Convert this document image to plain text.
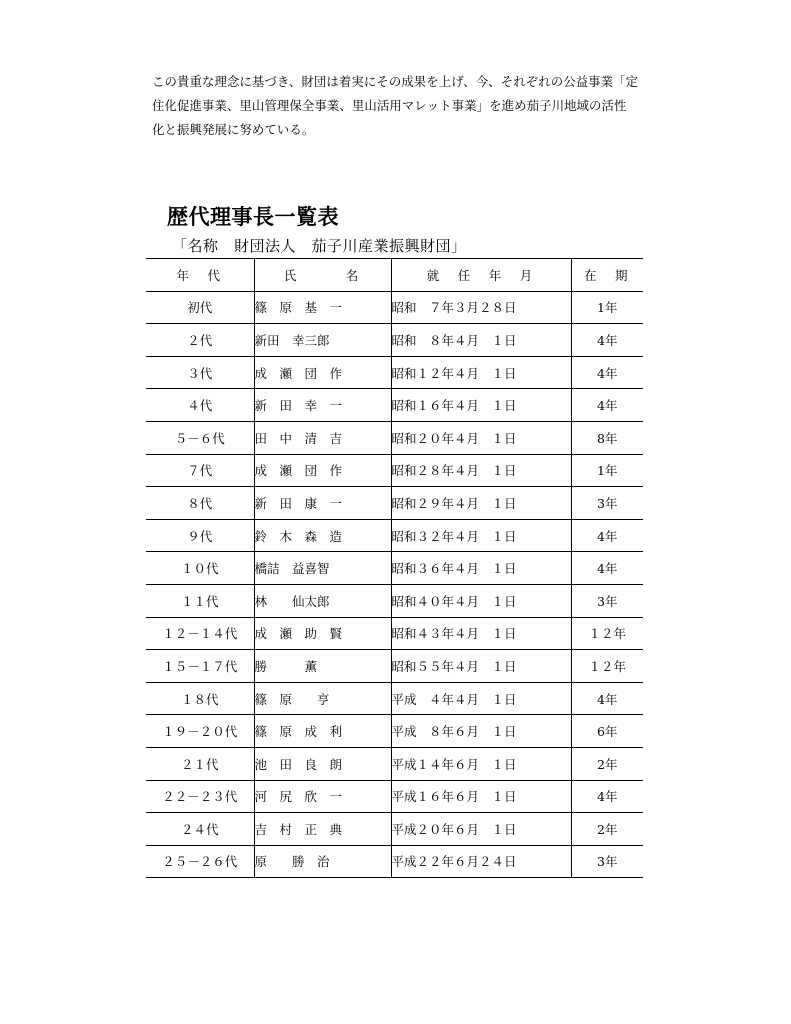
この貴重な理念に基づき、財団は着実にその成果を上げ、今、それぞれの公益事業「定
住化促進事業、里山管理保全事業、里山活用マレット事業」を進め茄子川地域の活性
化と振興発展に努めている。
歴代理事長一覧表
「名称　財団法人　茄子川産業振興財団」
年　代	氏　　　名	就　任　年　月	在　期
初代	篠　原　基　一	昭和　７年３月２８日	1年
２代	新田　幸三郎	昭和　８年４月　１日	4年
３代	成　瀬　団　作	昭和１２年４月　１日	4年
４代	新　田　幸　一	昭和１６年４月　１日	4年
５－６代	田　中　清　吉	昭和２０年４月　１日	8年
７代	成　瀬　団　作	昭和２８年４月　１日	1年
８代	新　田　康　一	昭和２９年４月　１日	3年
９代	鈴　木　森　造	昭和３２年４月　１日	4年
１０代	橋詰　益喜智	昭和３６年４月　１日	4年
１１代	林　　仙太郎	昭和４０年４月　１日	3年
１２－１４代	成　瀬　助　賢	昭和４３年４月　１日	１２年
１５－１７代	勝　　　薫	昭和５５年４月　１日	１２年
１８代	篠　原　　亨	平成　４年４月　１日	4年
１９－２０代	篠　原　成　利	平成　８年６月　１日	6年
２１代	池　田　良　朗	平成１４年６月　１日	2年
２２－２３代	河　尻　欣　一	平成１６年６月　１日	4年
２４代	吉　村　正　典	平成２０年６月　１日	2年
２５－２６代	原　　勝　治	平成２２年６月２４日	3年
